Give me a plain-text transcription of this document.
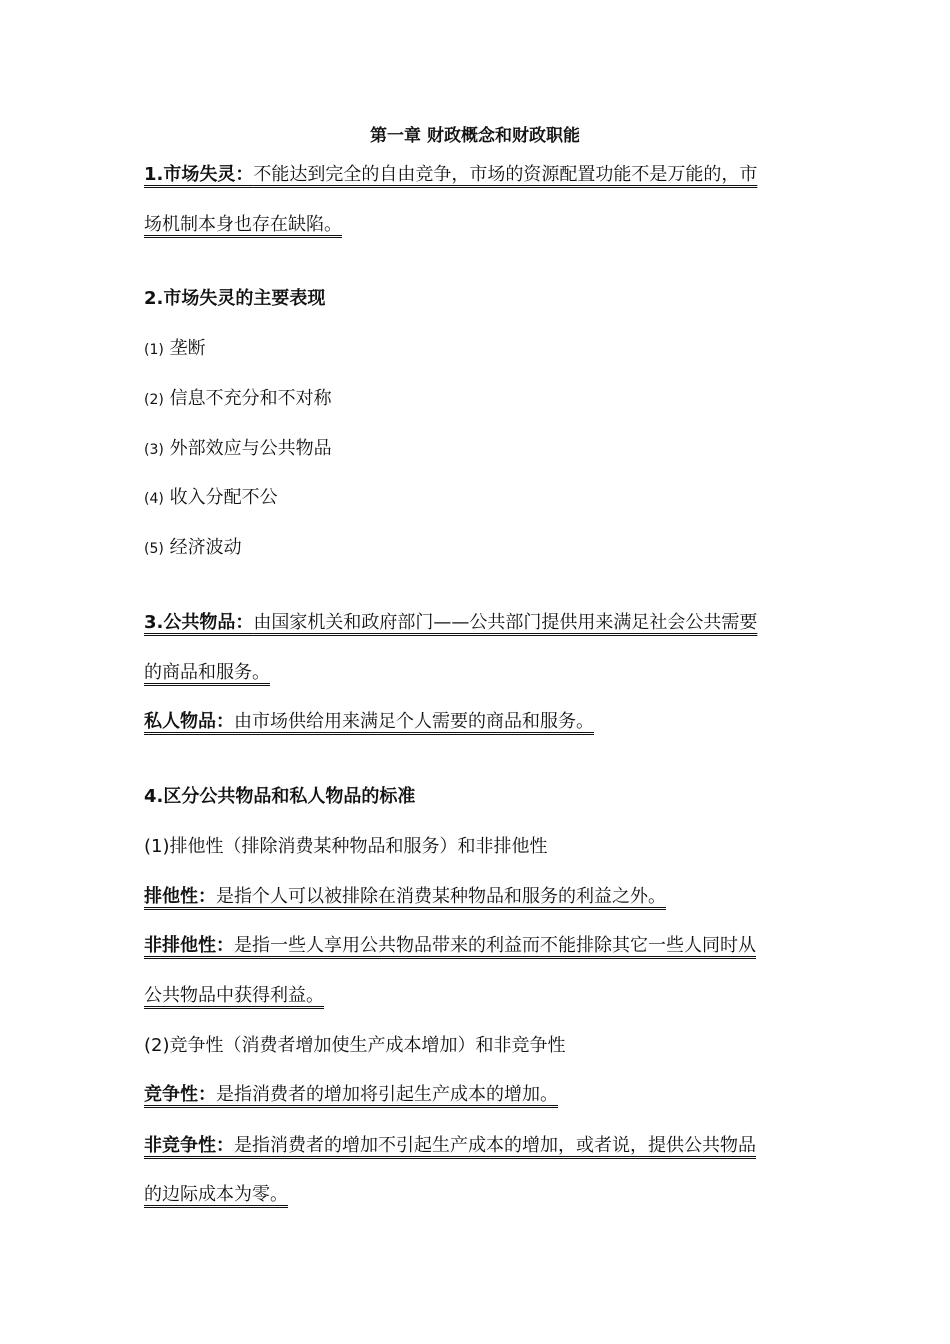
第一章 财政概念和财政职能
1.市场失灵：不能达到完全的自由竞争，市场的资源配置功能不是万能的，市
场机制本身也存在缺陷。
2.市场失灵的主要表现
(1) 垄断
(2) 信息不充分和不对称
(3) 外部效应与公共物品
(4) 收入分配不公
(5) 经济波动
3.公共物品：由国家机关和政府部门——公共部门提供用来满足社会公共需要
的商品和服务。
私人物品：由市场供给用来满足个人需要的商品和服务。
4.区分公共物品和私人物品的标准
(1)排他性（排除消费某种物品和服务）和非排他性
排他性：是指个人可以被排除在消费某种物品和服务的利益之外。
非排他性：是指一些人享用公共物品带来的利益而不能排除其它一些人同时从
公共物品中获得利益。
(2)竞争性（消费者增加使生产成本增加）和非竞争性
竞争性：是指消费者的增加将引起生产成本的增加。
非竞争性：是指消费者的增加不引起生产成本的增加，或者说，提供公共物品
的边际成本为零。
